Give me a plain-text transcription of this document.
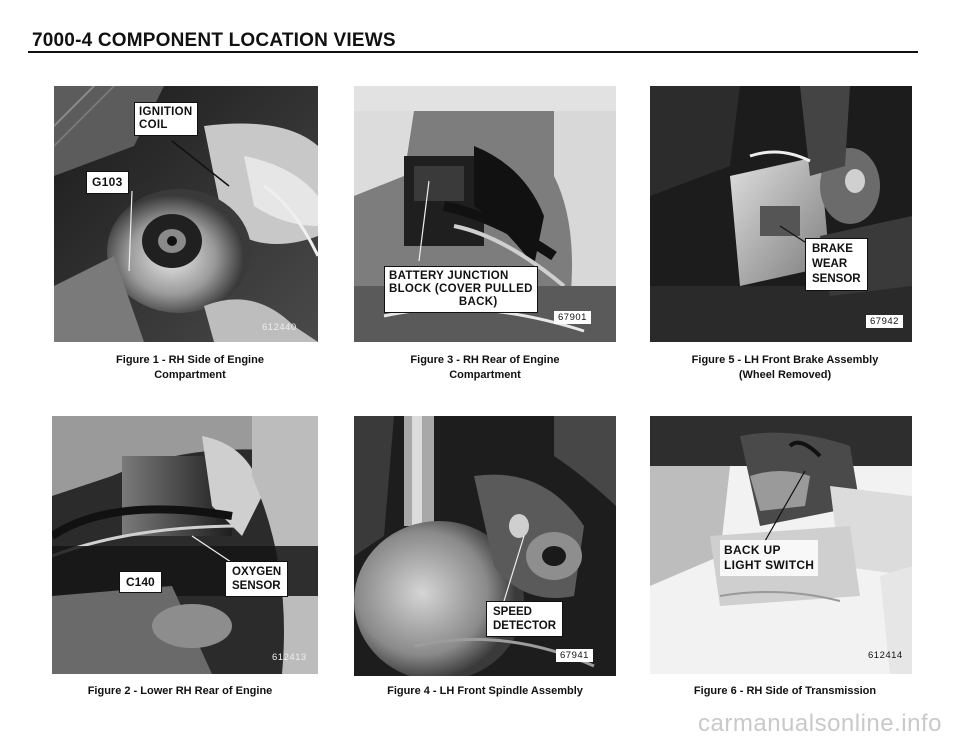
7000-4 COMPONENT LOCATION VIEWS
IGNITION
COIL
G103
612440
Figure 1 - RH Side of Engine
Compartment
C140
OXYGEN
SENSOR
612413
Figure 2 - Lower RH Rear of Engine
BATTERY JUNCTION
BLOCK (COVER PULLED
BACK)
67901
Figure 3 - RH Rear of Engine
Compartment
SPEED
DETECTOR
67941
Figure 4 - LH Front Spindle Assembly
BRAKE
WEAR
SENSOR
67942
Figure 5 - LH Front Brake Assembly
(Wheel Removed)
BACK UP
LIGHT SWITCH
612414
Figure 6 - RH Side of Transmission
carmanualsonline.info
